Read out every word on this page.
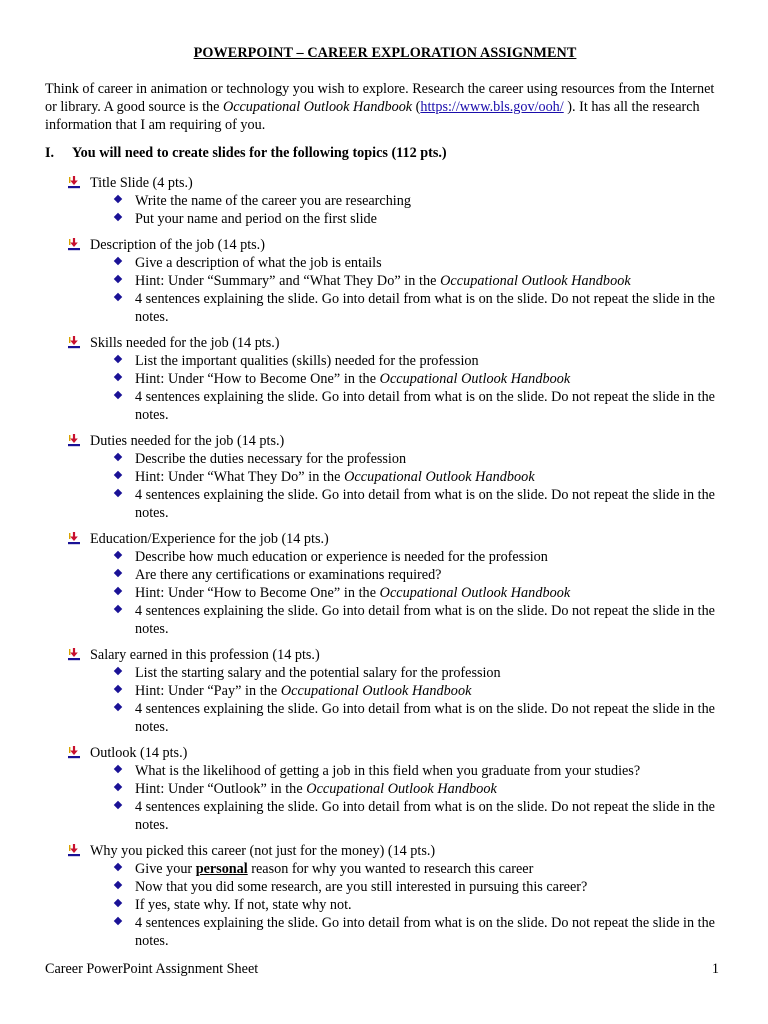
POWERPOINT – CAREER EXPLORATION ASSIGNMENT

Think of career in animation or technology you wish to explore. Research the career using resources from the Internet or library. A good source is the Occupational Outlook Handbook (https://www.bls.gov/ooh/ ). It has all the research information that I am requiring of you.

I.	You will need to create slides for the following topics (112 pts.)
Title Slide (4 pts.)
Write the name of the career you are researching
Put your name and period on the first slide
Description of the job (14 pts.)
Give a description of what the job is entails
Hint: Under “Summary” and “What They Do” in the Occupational Outlook Handbook
4 sentences explaining the slide. Go into detail from what is on the slide. Do not repeat the slide in the notes.
Skills needed for the job (14 pts.)
List the important qualities (skills) needed for the profession
Hint: Under “How to Become One” in the Occupational Outlook Handbook
4 sentences explaining the slide. Go into detail from what is on the slide. Do not repeat the slide in the notes.
Duties needed for the job (14 pts.)
Describe the duties necessary for the profession
Hint: Under “What They Do” in the Occupational Outlook Handbook
4 sentences explaining the slide. Go into detail from what is on the slide. Do not repeat the slide in the notes.
Education/Experience for the job (14 pts.)
Describe how much education or experience is needed for the profession
Are there any certifications or examinations required?
Hint: Under “How to Become One” in the Occupational Outlook Handbook
4 sentences explaining the slide. Go into detail from what is on the slide. Do not repeat the slide in the notes.
Salary earned in this profession (14 pts.)
List the starting salary and the potential salary for the profession
Hint: Under “Pay” in the Occupational Outlook Handbook
4 sentences explaining the slide. Go into detail from what is on the slide. Do not repeat the slide in the notes.
Outlook (14 pts.)
What is the likelihood of getting a job in this field when you graduate from your studies?
Hint: Under “Outlook” in the Occupational Outlook Handbook
4 sentences explaining the slide. Go into detail from what is on the slide. Do not repeat the slide in the notes.
Why you picked this career (not just for the money) (14 pts.)
Give your personal reason for why you wanted to research this career
Now that you did some research, are you still interested in pursuing this career?
If yes, state why. If not, state why not.
4 sentences explaining the slide. Go into detail from what is on the slide. Do not repeat the slide in the notes.
Career PowerPoint Assignment Sheet	1
